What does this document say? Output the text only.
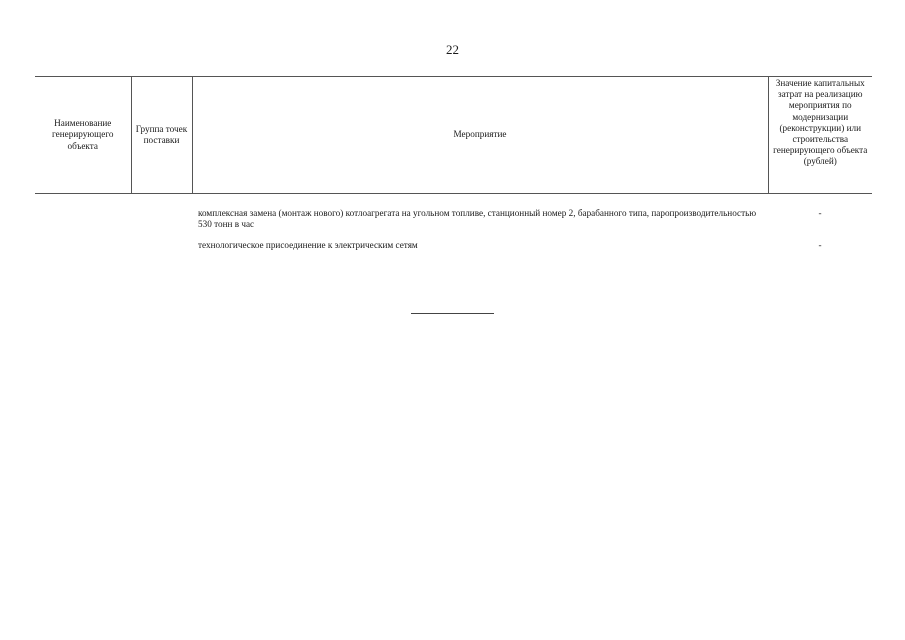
22
Наименование генерирующего объекта	Группа точек поставки	Мероприятие	Значение капитальных затрат на реализацию мероприятия по модернизации (реконструкции) или строительства генерирующего объекта (рублей)

		комплексная замена (монтаж нового) котлоагрегата на угольном топливе, станционный номер 2, барабанного типа, паропроизводительностью 530 тонн в час	-

		технологическое присоединение к электрическим сетям	-
